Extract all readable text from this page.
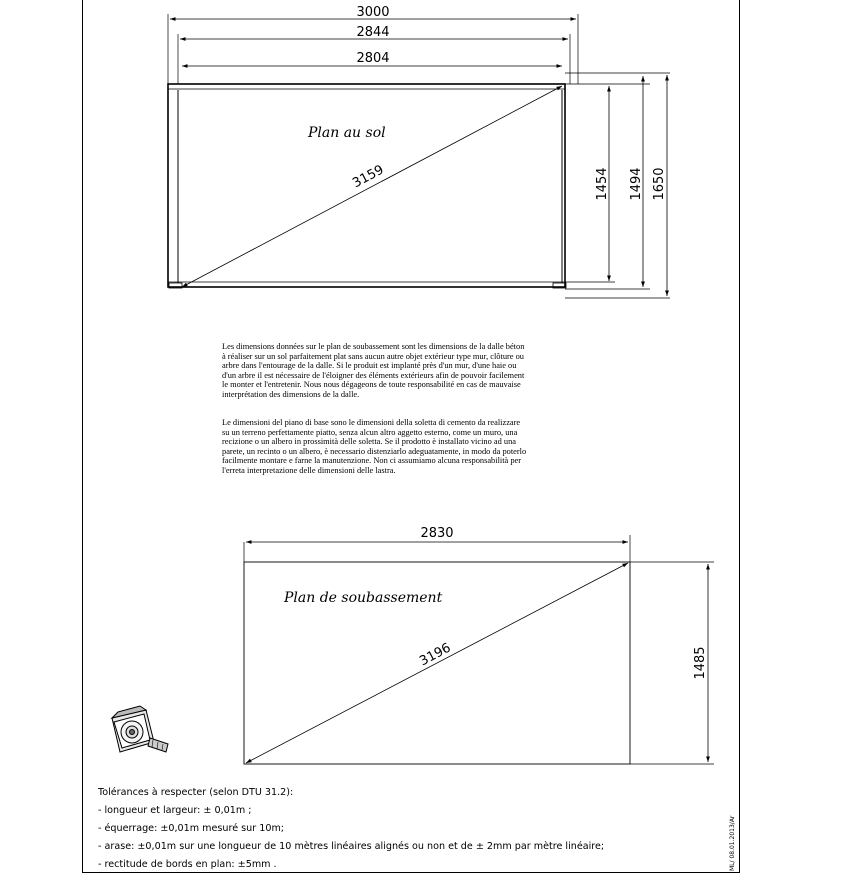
3000
2844
2804
3159	1454 1494 1650
Plan au sol
2830
3196	1485
Plan de soubassement

Les dimensions données sur le plan de soubassement sont les dimensions de la dalle béton à réaliser sur un sol parfaitement plat sans aucun autre objet extérieur type mur, clôture ou arbre dans l'entourage de la dalle. Si le produit est implanté près d'un mur, d'une haie ou d'un arbre il est nécessaire de l'éloigner des éléments extérieurs afin de pouvoir facilement le monter et l'entretenir. Nous nous dégageons de toute responsabilité en cas de mauvaise interprétation des dimensions de la dalle.

Le dimensioni del piano di base sono le dimensioni della soletta di cemento da realizzare su un terreno perfettamente piatto, senza alcun altro aggetto esterno, come un muro, una recizione o un albero in prossimità delle soletta. Se il prodotto è installato vicino ad una parete, un recinto o un albero, è necessario distenziarlo adeguatamente, in modo da poterlo facilmente montare e farne la manutenzione. Non ci assumiamo alcuna responsabilità per l'erreta interpretazione delle dimensioni delle lastra.

Tolérances à respecter (selon DTU 31.2):
- longueur et largeur: ± 0,01m ;
- équerrage: ±0,01m mesuré sur 10m;
- arase: ±0,01m sur une longueur de 10 mètres linéaires alignés ou non et de ± 2mm par mètre linéaire;
- rectitude de bords en plan: ±5mm .	ML/ 08.01.2013/Ar
